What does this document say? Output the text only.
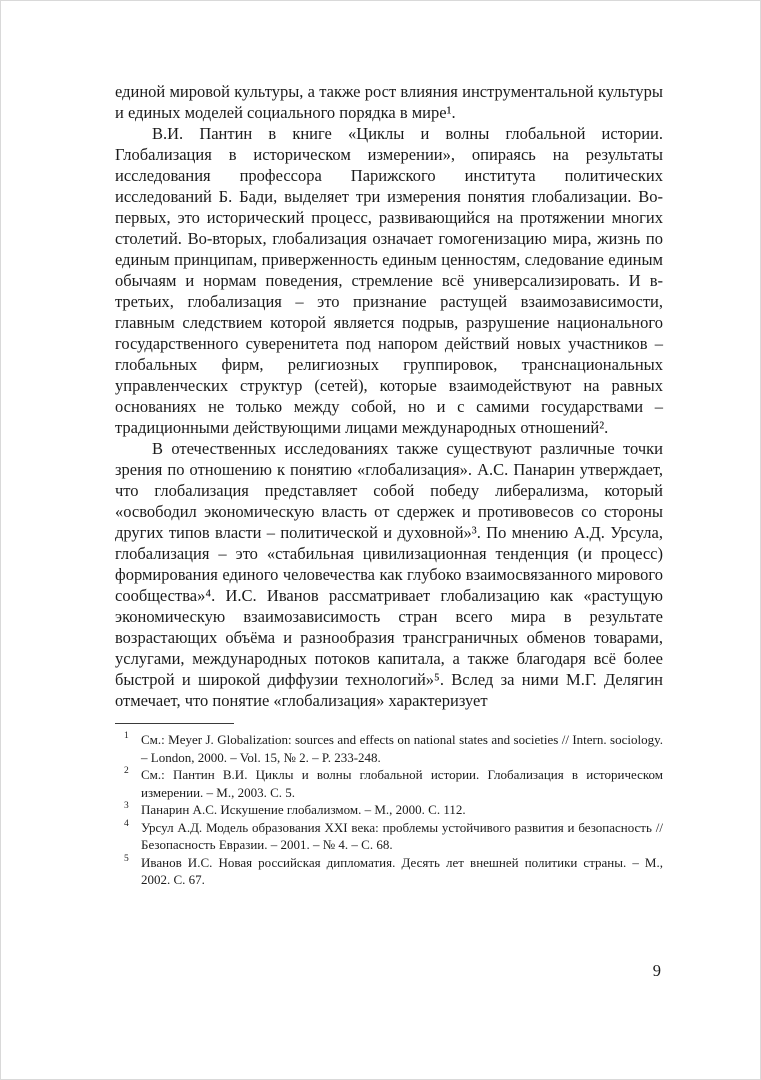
единой мировой культуры, а также рост влияния инструментальной культуры и единых моделей социального порядка в мире¹.

В.И. Пантин в книге «Циклы и волны глобальной истории. Глобализация в историческом измерении», опираясь на результаты исследования профессора Парижского института политических исследований Б. Бади, выделяет три измерения понятия глобализации. Во-первых, это исторический процесс, развивающийся на протяжении многих столетий. Во-вторых, глобализация означает гомогенизацию мира, жизнь по единым принципам, приверженность единым ценностям, следование единым обычаям и нормам поведения, стремление всё универсализировать. И в-третьих, глобализация – это признание растущей взаимозависимости, главным следствием которой является подрыв, разрушение национального государственного суверенитета под напором действий новых участников – глобальных фирм, религиозных группировок, транснациональных управленческих структур (сетей), которые взаимодействуют на равных основаниях не только между собой, но и с самими государствами – традиционными действующими лицами международных отношений².

В отечественных исследованиях также существуют различные точки зрения по отношению к понятию «глобализация». А.С. Панарин утверждает, что глобализация представляет собой победу либерализма, который «освободил экономическую власть от сдержек и противовесов со стороны других типов власти – политической и духовной»³. По мнению А.Д. Урсула, глобализация – это «стабильная цивилизационная тенденция (и процесс) формирования единого человечества как глубоко взаимосвязанного мирового сообщества»⁴. И.С. Иванов рассматривает глобализацию как «растущую экономическую взаимозависимость стран всего мира в результате возрастающих объёма и разнообразия трансграничных обменов товарами, услугами, международных потоков капитала, а также благодаря всё более быстрой и широкой диффузии технологий»⁵. Вслед за ними М.Г. Делягин отмечает, что понятие «глобализация» характеризует

1 См.: Meyer J. Globalization: sources and effects on national states and societies // Intern. sociology. – London, 2000. – Vol. 15, № 2. – P. 233-248.
2 См.: Пантин В.И. Циклы и волны глобальной истории. Глобализация в историческом измерении. – М., 2003. С. 5.
3 Панарин А.С. Искушение глобализмом. – М., 2000. С. 112.
4 Урсул А.Д. Модель образования XXI века: проблемы устойчивого развития и безопасность // Безопасность Евразии. – 2001. – № 4. – С. 68.
5 Иванов И.С. Новая российская дипломатия. Десять лет внешней политики страны. – М., 2002. С. 67.
9
